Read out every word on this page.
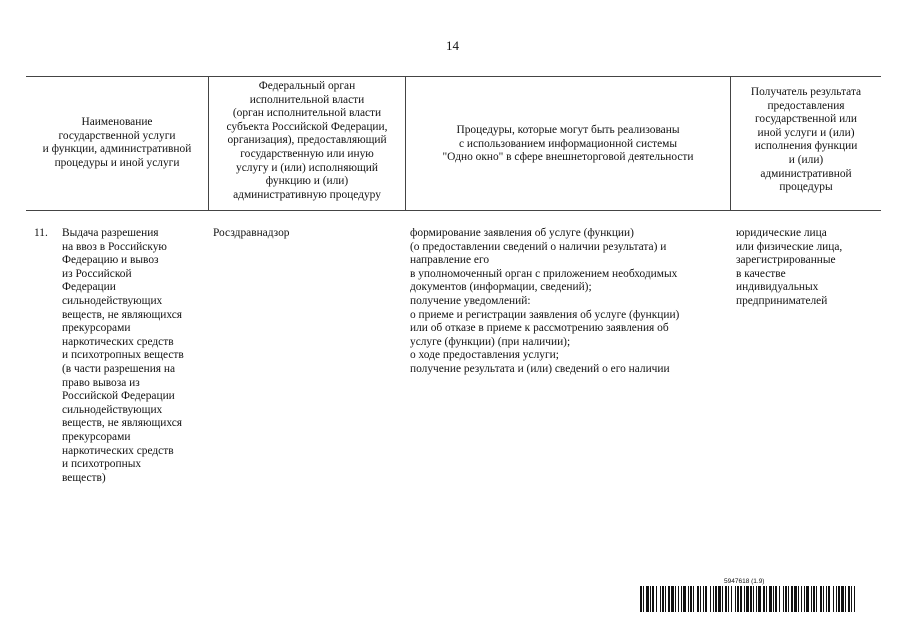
14
Наименование
государственной услуги
и функции, административной
процедуры и иной услуги
Федеральный орган
исполнительной власти
(орган исполнительной власти
субъекта Российской Федерации,
организация), предоставляющий
государственную или иную
услугу и (или) исполняющий
функцию и (или)
административную процедуру
Процедуры, которые могут быть реализованы
с использованием информационной системы
"Одно окно" в сфере внешнеторговой деятельности
Получатель результата
предоставления
государственной или
иной услуги и (или)
исполнения функции
и (или)
административной
процедуры
11. Выдача разрешения
на ввоз в Российскую
Федерацию и вывоз
из Российской
Федерации
сильнодействующих
веществ, не являющихся
прекурсорами
наркотических средств
и психотропных веществ
(в части разрешения на
право вывоза из
Российской Федерации
сильнодействующих
веществ, не являющихся
прекурсорами
наркотических средств
и психотропных
веществ)
Росздравнадзор	формирование заявления об услуге (функции)
(о предоставлении сведений о наличии результата) и
направление его
в уполномоченный орган с приложением необходимых
документов (информации, сведений);
получение уведомлений:
о приеме и регистрации заявления об услуге (функции)
или об отказе в приеме к рассмотрению заявления об
услуге (функции) (при наличии);
о ходе предоставления услуги;
получение результата и (или) сведений о его наличии
юридические лица
или физические лица,
зарегистрированные
в качестве
индивидуальных
предпринимателей
5947618 (1.9)
